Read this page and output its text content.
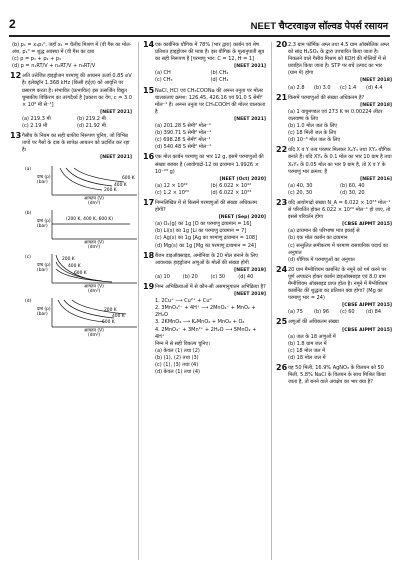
2	NEET चैप्टरवाइज सॉल्वड पेपर्स रसायन
(b) p₁ = x₁p₁⁰, जहाँ x₁ = घैलीय मिश्रण में (वी गैस का मोल-अंश, p₁⁰ = शुद्ध अवस्था में (वी गैस का दाब
(c) p = p₁ + p₂ + p₃
(d) p = n₁RT/V + n₂RT/V + n₃RT/V
12 अति उत्तेजित हाइड्रोजन परमाणु की आयनन ऊर्जा 0.85 eV है। इलेक्ट्रॉन 1.368 kHz (किसी हर्ट्ज़) को आवृत्ति पर प्रसारण करता है। संभावित (फ्रभावित) इस उत्सर्जित विद्युत चुम्बकीय विकिरण का तरंगदैर्ध्य है [प्रकाश का वेग, c = 3.0 × 10⁸ मी से⁻¹]
[NEET 2021]
(a) 219.3 मी	(b) 219.2 मी
(c) 2.19 मी	(d) 21.92 मी
13 गैसीय के नियम का सही ग्राफीय निरूपण चुनिए, जो विभिन्न तापों पर गैसों के दाब के सापेक्ष आयतन को प्रदर्शित कर रहा है।
[NEET 2021]
(a)
दाब (p)
(bar)
200 K
400 K
600 K
आयतन (V)
(dm³)
(b)
दाब (p)
(bar)
(200 K, 400 K, 600 K)
आयतन (V)
(dm³)
(c)
दाब (p)
(bar)
200 K
400 K
600 K
आयतन (V)
(dm³)
(d)
दाब (p)
(bar)
200 K
400 K
600 K
आयतन (V)
(dm³)
14 एक कार्बनिक यौगिक में 78% (भार द्वारा) कार्बन एवं शेष प्रतिशत हाइड्रोजन की मात्रा है। इस यौगिक के मूलानुपाती सूत्र का सही निरूपण है [परमाणु भार: C = 12, H = 1]
[NEET 2021]
(a) CH	(b) CH₂
(c) CH₃	(d) CH₄
15 NaCl, HCl एवं CH₃COONa की अनन्त तनुता पर मोलर चालकताएं क्रमश: 126.45, 426.16 एवं 91.0 S सेमी² मोल⁻¹ है। अनन्त तनुता पर CH₃COOH की मोलर चालकता है
[NEET 2021]
(a) 201.28 S सेमी² मोल⁻¹
(b) 390.71 S सेमी² मोल⁻¹
(c) 698.28 S सेमी² मोल⁻¹
(d) 540.48 S सेमी² मोल⁻¹
16 एक मोल कार्बन परमाणु का भार 12 g, इसमें परमाणुओं की संख्या बराबर है (आवोगाद्रो-12 का द्रव्यमान 1.9926 × 10⁻²³ g)
[NEET (Oct) 2020]
(a) 12 × 10²²	(b) 6.022 × 10²²
(c) 1.2 × 10²³	(d) 6.022 × 10²³
17 निम्नलिखित में से किसमें परमाणुओं की संख्या अधिकतम होगी?
[NEET (Sep) 2020]
(a) O₂(g) का 1g [O का परमाणु द्रव्यमान = 16]
(b) Li(s) का 1g [Li का परमाणु द्रव्यमान = 7]
(c) Ag(s) का 1g [Ag का परमाणु द्रव्यमान = 108]
(d) Mg(s) का 1g [Mg का परमाणु द्रव्यमान = 24]
18 बैंजन डाइऑक्साइड, अमोनिया के 20 मोल बनाने के लिए आवश्यक हाइड्रोजन अणुओं के मोलों की संख्या होगी
[NEET 2019]
(a) 10	(b) 20	(c) 30	(d) 40
19 निम्न अभिक्रियाओं में से कौन-सी असमानुपातन अभिक्रिया है?
[NEET 2019]
1. 2Cu⁺ ⟶ Cu²⁺ + Cu⁰
2. 3MnO₄²⁻ + 4H⁺ ⟶ 2MnO₄⁻ + MnO₂ + 2H₂O
3. 2KMnO₄ ⟶ K₂MnO₄ + MnO₂ + O₂
4. 2MnO₄⁻ + 3Mn²⁺ + 2H₂O ⟶ 5MnO₂ + 4H⁺
निम्न में से सही विकल्प चुनिए।
(a) केवल (1) तथा (2)
(b) (1), (2) तथा (3)
(c) (1), (3) तथा (4)
(d) केवल (1) तथा (4)
20 2.3 ग्राम फॉर्मिक अम्ल तथा 4.5 ग्राम ऑक्सेलिक अम्ल को सांद्र H₂SO₄ के द्वारा उपचारित किया जाता है। निकलने वाले गैसीय मिश्रण को KOH की गोलियों में से प्रवाहित किया जाता है। STP पर बचे उत्पाद का भार (ग्राम में) होगा
[NEET 2018]
(a) 2.8	(b) 3.0	(c) 1.4	(d) 4.4
21 किसमें परमाणुओं की संख्या अधिकतम है?
[NEET 2018]
(a) 1 वायुमण्डल एवं 273 K पर 0.00224 लीटर जलवाष्प के लिए
(b) 1.0 मोल जल के लिए
(c) 18 मिली जल के लिए
(d) 10⁻³ मोल जल के लिए
22 यदि X व Y तत्व परस्पर मिलकर X₂Y₃ तथा XY₂ यौगिक बनाते हैं। यदि XY₂ के 0.1 मोल का भार 10 ग्राम है तथा X₂Y₃ के 0.05 मोल का भार 9 ग्राम है, तो X व Y के परमाणु भार क्रमश: हैं
[NEET 2016]
(a) 40, 30	(b) 60, 40
(c) 20, 30	(d) 30, 20
23 यदि आवोगाद्रो संख्या N_A = 6.022 × 10²³ मोल⁻¹ से परिवर्तित होकर 6.022 × 10²⁰ मोल⁻¹ हो जाए, तो इससे परिवर्तन होगा
[CBSE AIPMT 2015]
(a) द्रव्यमान की परिभाषा मात्र इकाई से
(b) एक मोल कार्बन का द्रव्यमान
(c) सन्तुलित समीकरण में परमाण रासायनिक पदार्थ का अनुपात
(d) यौगिक में परमाणुओं का अनुपात
24 20 ग्राम मैग्नीशियम कार्बोनेट के नमूने को गर्म करने पर पूर्ण अपघटन होकर कार्बन डाइऑक्साइड एवं 8.0 ग्राम मैग्नीशियम ऑक्साइड प्राप्त होता है। नमूने में मैग्नीशियम कार्बोनेट की शुद्धता का प्रतिशत क्या होगा? (Mg का परमाणु भार = 24)
[CBSE AIPMT 2015]
(a) 75	(b) 96	(c) 60	(d) 84
25 अणुओं की अधिकतम संख्या
[CBSE AIPMT 2015]
(a) जल के 18 अणुओं में
(b) 1.8 ग्राम जल में
(c) 18 मोल जल में
(d) 18 मोल जल में
26 यह 50 मिली, 16.9% AgNO₃ के विलयन को 50 मिली, 5.8% NaCl के विलयन के साथ मिश्रित किया जाता है, तो बनने वाले अवक्षेप का भार क्या है?
